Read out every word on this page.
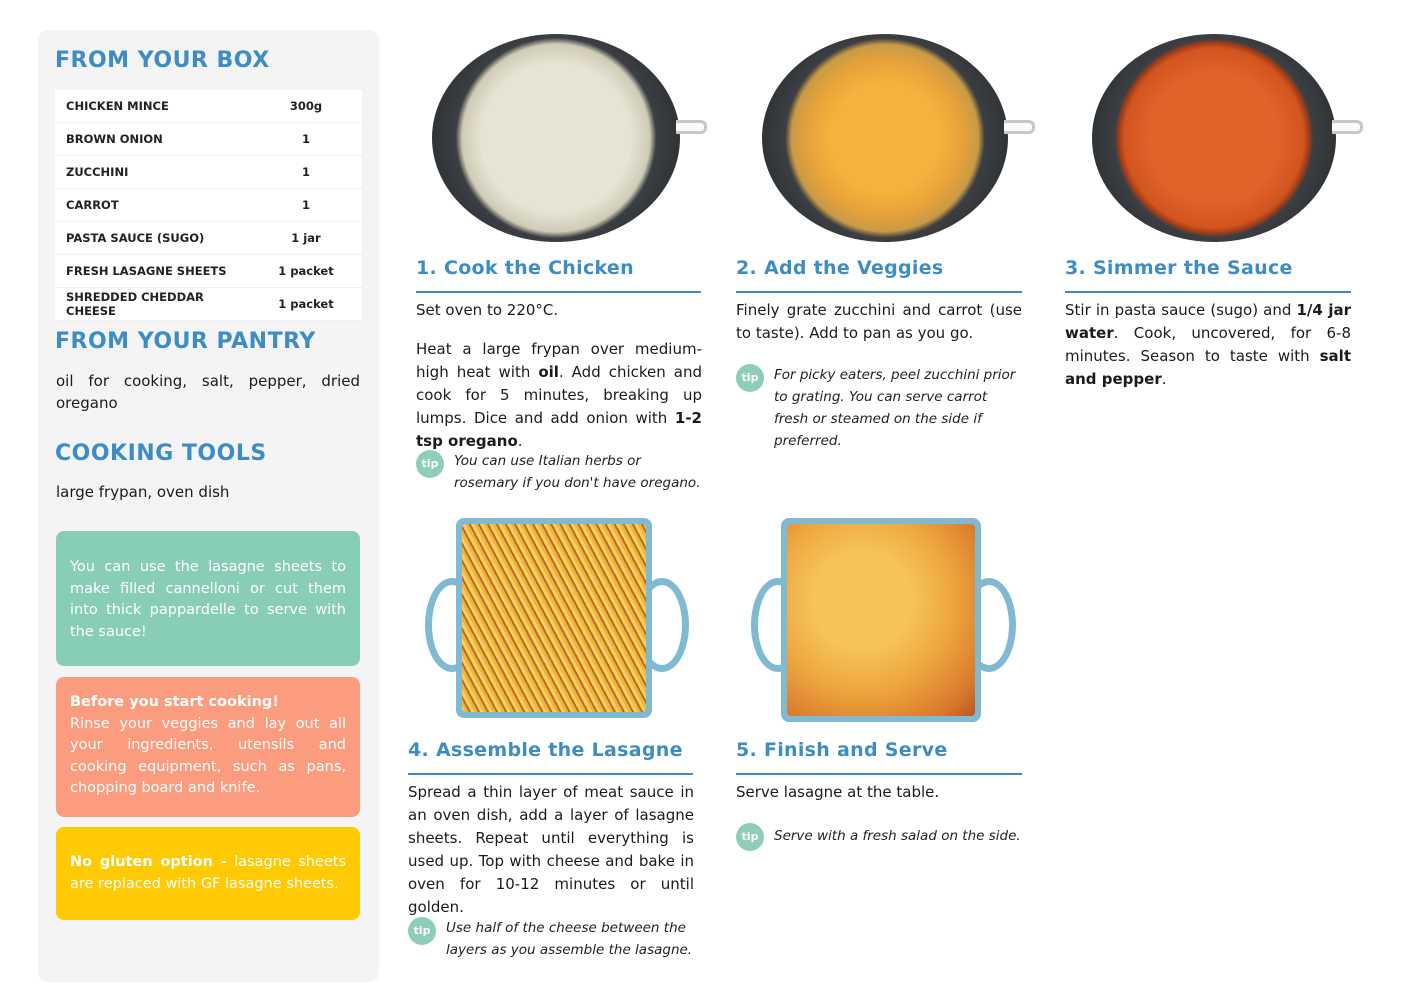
FROM YOUR BOX
CHICKEN MINCE	300g
BROWN ONION	1
ZUCCHINI	1
CARROT	1
PASTA SAUCE (SUGO)	1 jar
FRESH LASAGNE SHEETS	1 packet
SHREDDED CHEDDAR CHEESE	1 packet
FROM YOUR PANTRY

oil for cooking, salt, pepper, dried oregano

COOKING TOOLS

large frypan, oven dish

You can use the lasagne sheets to make filled cannelloni or cut them into thick pappardelle to serve with the sauce!
Before you start cooking!
Rinse your veggies and lay out all your ingredients, utensils and cooking equipment, such as pans, chopping board and knife.
No gluten option - lasagne sheets are replaced with GF lasagne sheets.
1. Cook the Chicken

Set oven to 220°C.

Heat a large frypan over medium-high heat with oil. Add chicken and cook for 5 minutes, breaking up lumps. Dice and add onion with 1-2 tsp oregano.

tip	You can use Italian herbs or rosemary if you don't have oregano.

2. Add the Veggies

Finely grate zucchini and carrot (use to taste). Add to pan as you go.

tip	For picky eaters, peel zucchini prior to grating. You can serve carrot fresh or steamed on the side if preferred.

3. Simmer the Sauce

Stir in pasta sauce (sugo) and 1/4 jar water. Cook, uncovered, for 6-8 minutes. Season to taste with salt and pepper.

4. Assemble the Lasagne

Spread a thin layer of meat sauce in an oven dish, add a layer of lasagne sheets. Repeat until everything is used up. Top with cheese and bake in oven for 10-12 minutes or until golden.

tip	Use half of the cheese between the layers as you assemble the lasagne.

5. Finish and Serve

Serve lasagne at the table.

tip	Serve with a fresh salad on the side.
